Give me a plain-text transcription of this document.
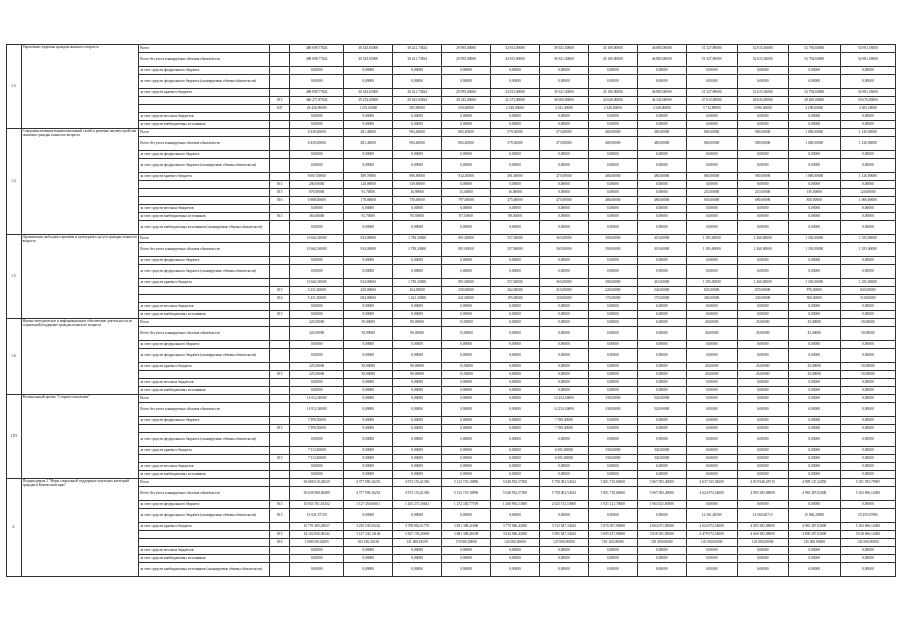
1.3.	Укрепление здоровья граждан пожилого возраста	Всего		488 698,77824	30 543,65000	30 221,73824	29 995,00000	34 813,00000	39 341,30000	45 180,00000	46 885,00000	51 327,89000	52 615,36000	52 794,60000	54 981,18000
		Всего без учета планируемых объемов обязательств		488 698,77824	30 543,65000	30 221,73824	29 995,00000	34 813,00000	39 341,30000	45 180,00000	46 885,00000	51 327,89000	52 615,36000	52 794,60000	54 981,18000
		за счет средств федерального бюджета		0,00000	0,00000	0,00000	0,00000	0,00000	0,00000	0,00000	0,00000	0,00000	0,00000	0,00000	0,00000
		за счет средств федерального бюджета (планируемые объемы обязательств)		0,00000	0,00000	0,00000	0,00000	0,00000	0,00000	0,00000	0,00000	0,00000	0,00000	0,00000	0,00000
		за счет средств краевого бюджета		488 698,77824	30 543,65000	30 221,73824	29 995,00000	34 813,00000	39 341,30000	45 180,00000	46 885,00000	51 327,89000	52 615,36000	52 794,60000	54 981,18000
			815	460 271,87824	29 252,00000	29 635,83824	29 345,00000	32 273,00000	36 000,00000	42 640,00000	44 345,00000	47 615,00000	48 635,00000	49 605,00000	50 676,00000
			847	28 426,90000	1 291,65000	585,90000	650,00000	2 540,00000	3 341,30000	2 540,00000	2 540,00000	3 712,89000	3 980,36000	3 189,60000	4 305,18000
		за счет средств местных бюджетов		0,00000	0,00000	0,00000	0,00000	0,00000	0,00000	0,00000	0,00000	0,00000	0,00000	0,00000	0,00000
		за счет средств внебюджетных источников		0,00000	0,00000	0,00000	0,00000	0,00000	0,00000	0,00000	0,00000	0,00000	0,00000	0,00000	0,00000
1.4.	Совершенствование взаимоотношений семей и решение жизнеустройства пожилых граждан пожилого возраста	Всего		8 430,00000	481,40000	992,40000	882,40000	579,30000	475,00000	480,00000	480,00000	860,00000	900,00000	1 000,00000	1 120,00000
		Всего без учета планируемых объемов обязательств		8 430,00000	481,40000	992,40000	882,40000	579,30000	475,00000	480,00000	480,00000	860,00000	900,00000	1 000,00000	1 120,00000
		за счет средств федерального бюджета		0,00000	0,00000	0,00000	0,00000	0,00000	0,00000	0,00000	0,00000	0,00000	0,00000	0,00000	0,00000
		за счет средств федерального бюджета (планируемые объемы обязательств)		0,00000	0,00000	0,00000	0,00000	0,00000	0,00000	0,00000	0,00000	0,00000	0,00000	0,00000	0,00000
		за счет средств краевого бюджета		8 067,00000	389,70000	896,90000	812,30000	491,00000	475,00000	480,00000	480,00000	860,00000	900,00000	1 000,00000	1 120,00000
			813	200,00000	120,00000	130,00000	0,00000	0,00000	0,00000	0,00000	0,00000	0,00000	0,00000	0,00000	0,00000
			815	879,00000	91,70000	16,90000	15,30000	16,00000	0,00000	0,00000	0,00000	210,00000	210,00000	150,00000	120,00000
			816	6 988,00000	178,00000	750,00000	797,00000	475,00000	475,00000	480,00000	480,00000	650,00000	690,00000	850,00000	1 000,00000
		за счет средств местных бюджетов		0,00000	0,00000	0,00000	0,00000	0,00000	0,00000	0,00000	0,00000	0,00000	0,00000	0,00000	0,00000
		за счет средств внебюджетных источников	815	363,00000	91,70000	95,50000	87,10000	88,30000	0,00000	0,00000	0,00000	0,00000	0,00000	0,00000	0,00000
		за счет средств внебюджетных источников (планируемые объемы обязательств)		0,00000	0,00000	0,00000	0,00000	0,00000	0,00000	0,00000	0,00000	0,00000	0,00000	0,00000	0,00000
1.5.	Организация свободного времени и культурного досуга граждан пожилого возраста	Всего		10 662,30000	934,00000	1 783,30000	891,00000	557,00000	565,00000	390,00000	410,00000	1 185,00000	1 260,00000	1 330,00000	1 355,00000
		Всего без учета планируемых объемов обязательств		10 662,30000	934,00000	1 783,30000	891,00000	557,00000	565,00000	390,00000	410,00000	1 185,00000	1 260,00000	1 330,00000	1 355,00000
		за счет средств федерального бюджета		0,00000	0,00000	0,00000	0,00000	0,00000	0,00000	0,00000	0,00000	0,00000	0,00000	0,00000	0,00000
		за счет средств федерального бюджета (планируемые объемы обязательств)		0,00000	0,00000	0,00000	0,00000	0,00000	0,00000	0,00000	0,00000	0,00000	0,00000	0,00000	0,00000
		за счет средств краевого бюджета		10 662,30000	934,00000	1 783,30000	891,00000	557,00000	565,00000	390,00000	410,00000	1 185,00000	1 260,00000	1 330,00000	1 355,00000
			815	5 231,00000	250,00000	164,00000	250,00000	362,00000	415,00000	220,00000	240,00000	825,00000	870,00000	870,00000	845,00000
			816	5 431,30000	684,00000	1 621,30000	641,00000	195,00000	150,00000	170,00000	170,00000	360,00000	430,00000	500,00000	510,00000
		за счет средств местных бюджетов		0,00000	0,00000	0,00000	0,00000	0,00000	0,00000	0,00000	0,00000	0,00000	0,00000	0,00000	0,00000
		за счет средств внебюджетных источников	815	0,00000	0,00000	0,00000	0,00000	0,00000	0,00000	0,00000	0,00000	0,00000	0,00000	0,00000	0,00000
1.6.	Научно-методическое и информационное обеспечение деятельности по социальной поддержке граждан пожилого возраста	Всего		325,00000	50,00000	80,00000	15,00000	0,00000	0,00000	0,00000	0,00000	40,00000	45,00000	45,00000	50,00000
		Всего без учета планируемых объемов обязательств		325,00000	50,00000	80,00000	15,00000	0,00000	0,00000	0,00000	0,00000	40,00000	45,00000	45,00000	50,00000
		за счет средств федерального бюджета		0,00000	0,00000	0,00000	0,00000	0,00000	0,00000	0,00000	0,00000	0,00000	0,00000	0,00000	0,00000
		за счет средств федерального бюджета (планируемые объемы обязательств)		0,00000	0,00000	0,00000	0,00000	0,00000	0,00000	0,00000	0,00000	0,00000	0,00000	0,00000	0,00000
		за счет средств краевого бюджета		325,00000	50,00000	80,00000	15,00000	0,00000	0,00000	0,00000	0,00000	40,00000	45,00000	45,00000	50,00000
			815	325,00000	50,00000	80,00000	15,00000	0,00000	0,00000	0,00000	0,00000	40,00000	45,00000	45,00000	50,00000
		за счет средств местных бюджетов		0,00000	0,00000	0,00000	0,00000	0,00000	0,00000	0,00000	0,00000	0,00000	0,00000	0,00000	0,00000
		за счет средств внебюджетных источников		0,00000	0,00000	0,00000	0,00000	0,00000	0,00000	0,00000	0,00000	0,00000	0,00000	0,00000	0,00000
1.Р3	Региональный проект "Старшее поколение"	Всего		14 912,30000	0,00000	0,00000	0,00000	0,00000	14 254,30000	338,00000	320,00000	0,00000	0,00000	0,00000	0,00000
		Всего без учета планируемых объемов обязательств		14 912,30000	0,00000	0,00000	0,00000	0,00000	14 254,30000	338,00000	320,00000	0,00000	0,00000	0,00000	0,00000
		за счет средств федерального бюджета		7 599,30000	0,00000	0,00000	0,00000	0,00000	7 599,30000	0,00000	0,00000	0,00000	0,00000	0,00000	0,00000
			815	7 599,30000	0,00000	0,00000	0,00000	0,00000	7 599,30000	0,00000	0,00000	0,00000	0,00000	0,00000	0,00000
		за счет средств федерального бюджета (планируемые объемы обязательств)		0,00000	0,00000	0,00000	0,00000	0,00000	0,00000	0,00000	0,00000	0,00000	0,00000	0,00000	0,00000
		за счет средств краевого бюджета		7 313,00000	0,00000	0,00000	0,00000	0,00000	6 655,00000	338,00000	320,00000	0,00000	0,00000	0,00000	0,00000
			815	7 313,00000	0,00000	0,00000	0,00000	0,00000	6 655,00000	338,00000	320,00000	0,00000	0,00000	0,00000	0,00000
		за счет средств местных бюджетов		0,00000	0,00000	0,00000	0,00000	0,00000	0,00000	0,00000	0,00000	0,00000	0,00000	0,00000	0,00000
		за счет средств внебюджетных источников		0,00000	0,00000	0,00000	0,00000	0,00000	0,00000	0,00000	0,00000	0,00000	0,00000	0,00000	0,00000
2.	Подпрограмма 2 "Меры социальной поддержки отдельных категорий граждан в Камчатском крае"	Всего		56 688 010,03639	4 377 990,16253	4 972 153,41396	5 123 719,18896	5 048 952,57500	5 758 003,54542	5 801 719,60000	5 967 093,40000	4 637 335,94500	4 819 946,28715	4 999 147,22850	5 181 955,79985
		Всего без учета планируемых объемов обязательств		56 636 968,06489	4 377 990,16253	4 972 153,41396	5 123 719,18896	5 048 952,57500	5 758 003,54542	5 801 719,60000	5 967 093,40000	4 624 974,54000	4 805 385,88000	4 983 287,02000	5 163 696,12000
		за счет средств федерального бюджета	815	10 833 761,61452	1 127 450,66011	1 263 271,50641	1 272 330,77199	1 268 992,13000	2 025 153,10000	1 925 121,70000	1 963 021,60000	0,00000	0,00000	0,00000	0,00000
		за счет средств федерального бюджета (планируемые объемы обязательств)	815	51 041,97150	0,00000	0,00000	0,00000	0,00000	0,00000	0,00000	0,00000	12 361,40500	14 560,40715	15 860,20850	18 259,67985
		за счет средств краевого бюджета		45 791 495,03037	3 250 539,50242	3 708 882,01755	3 851 388,41698	3 779 960,44500	3 732 847,34542	3 876 597,90000	4 004 071,80000	4 624 974,54000	4 805 385,88000	4 983 287,02000	5 163 696,12000
			815	44 102 856,00342	3 147 343,14104	3 567 193,20696	3 681 388,46108	3 634 960,44500	3 585 847,34542	3 695 437,90000	3 818 581,80000	4 479 974,54000	4 660 385,88000	4 838 287,02000	5 018 696,12000
			810	1 688 639,02695	103 196,36138	141 688,81059	170 000,00000	145 000,00000	147 000,00000	181 160,00000	185 490,00000	145 000,00000	145 000,00000	145 000,00000	145 000,00000
		за счет средств местных бюджетов		0,00000	0,00000	0,00000	0,00000	0,00000	0,00000	0,00000	0,00000	0,00000	0,00000	0,00000	0,00000
		за счет средств внебюджетных источников		0,00000	0,00000	0,00000	0,00000	0,00000	0,00000	0,00000	0,00000	0,00000	0,00000	0,00000	0,00000
		за счет средств внебюджетных источников (планируемые объемы обязательств)		0,00000	0,00000	0,00000	0,00000	0,00000	0,00000	0,00000	0,00000	0,00000	0,00000	0,00000	0,00000
